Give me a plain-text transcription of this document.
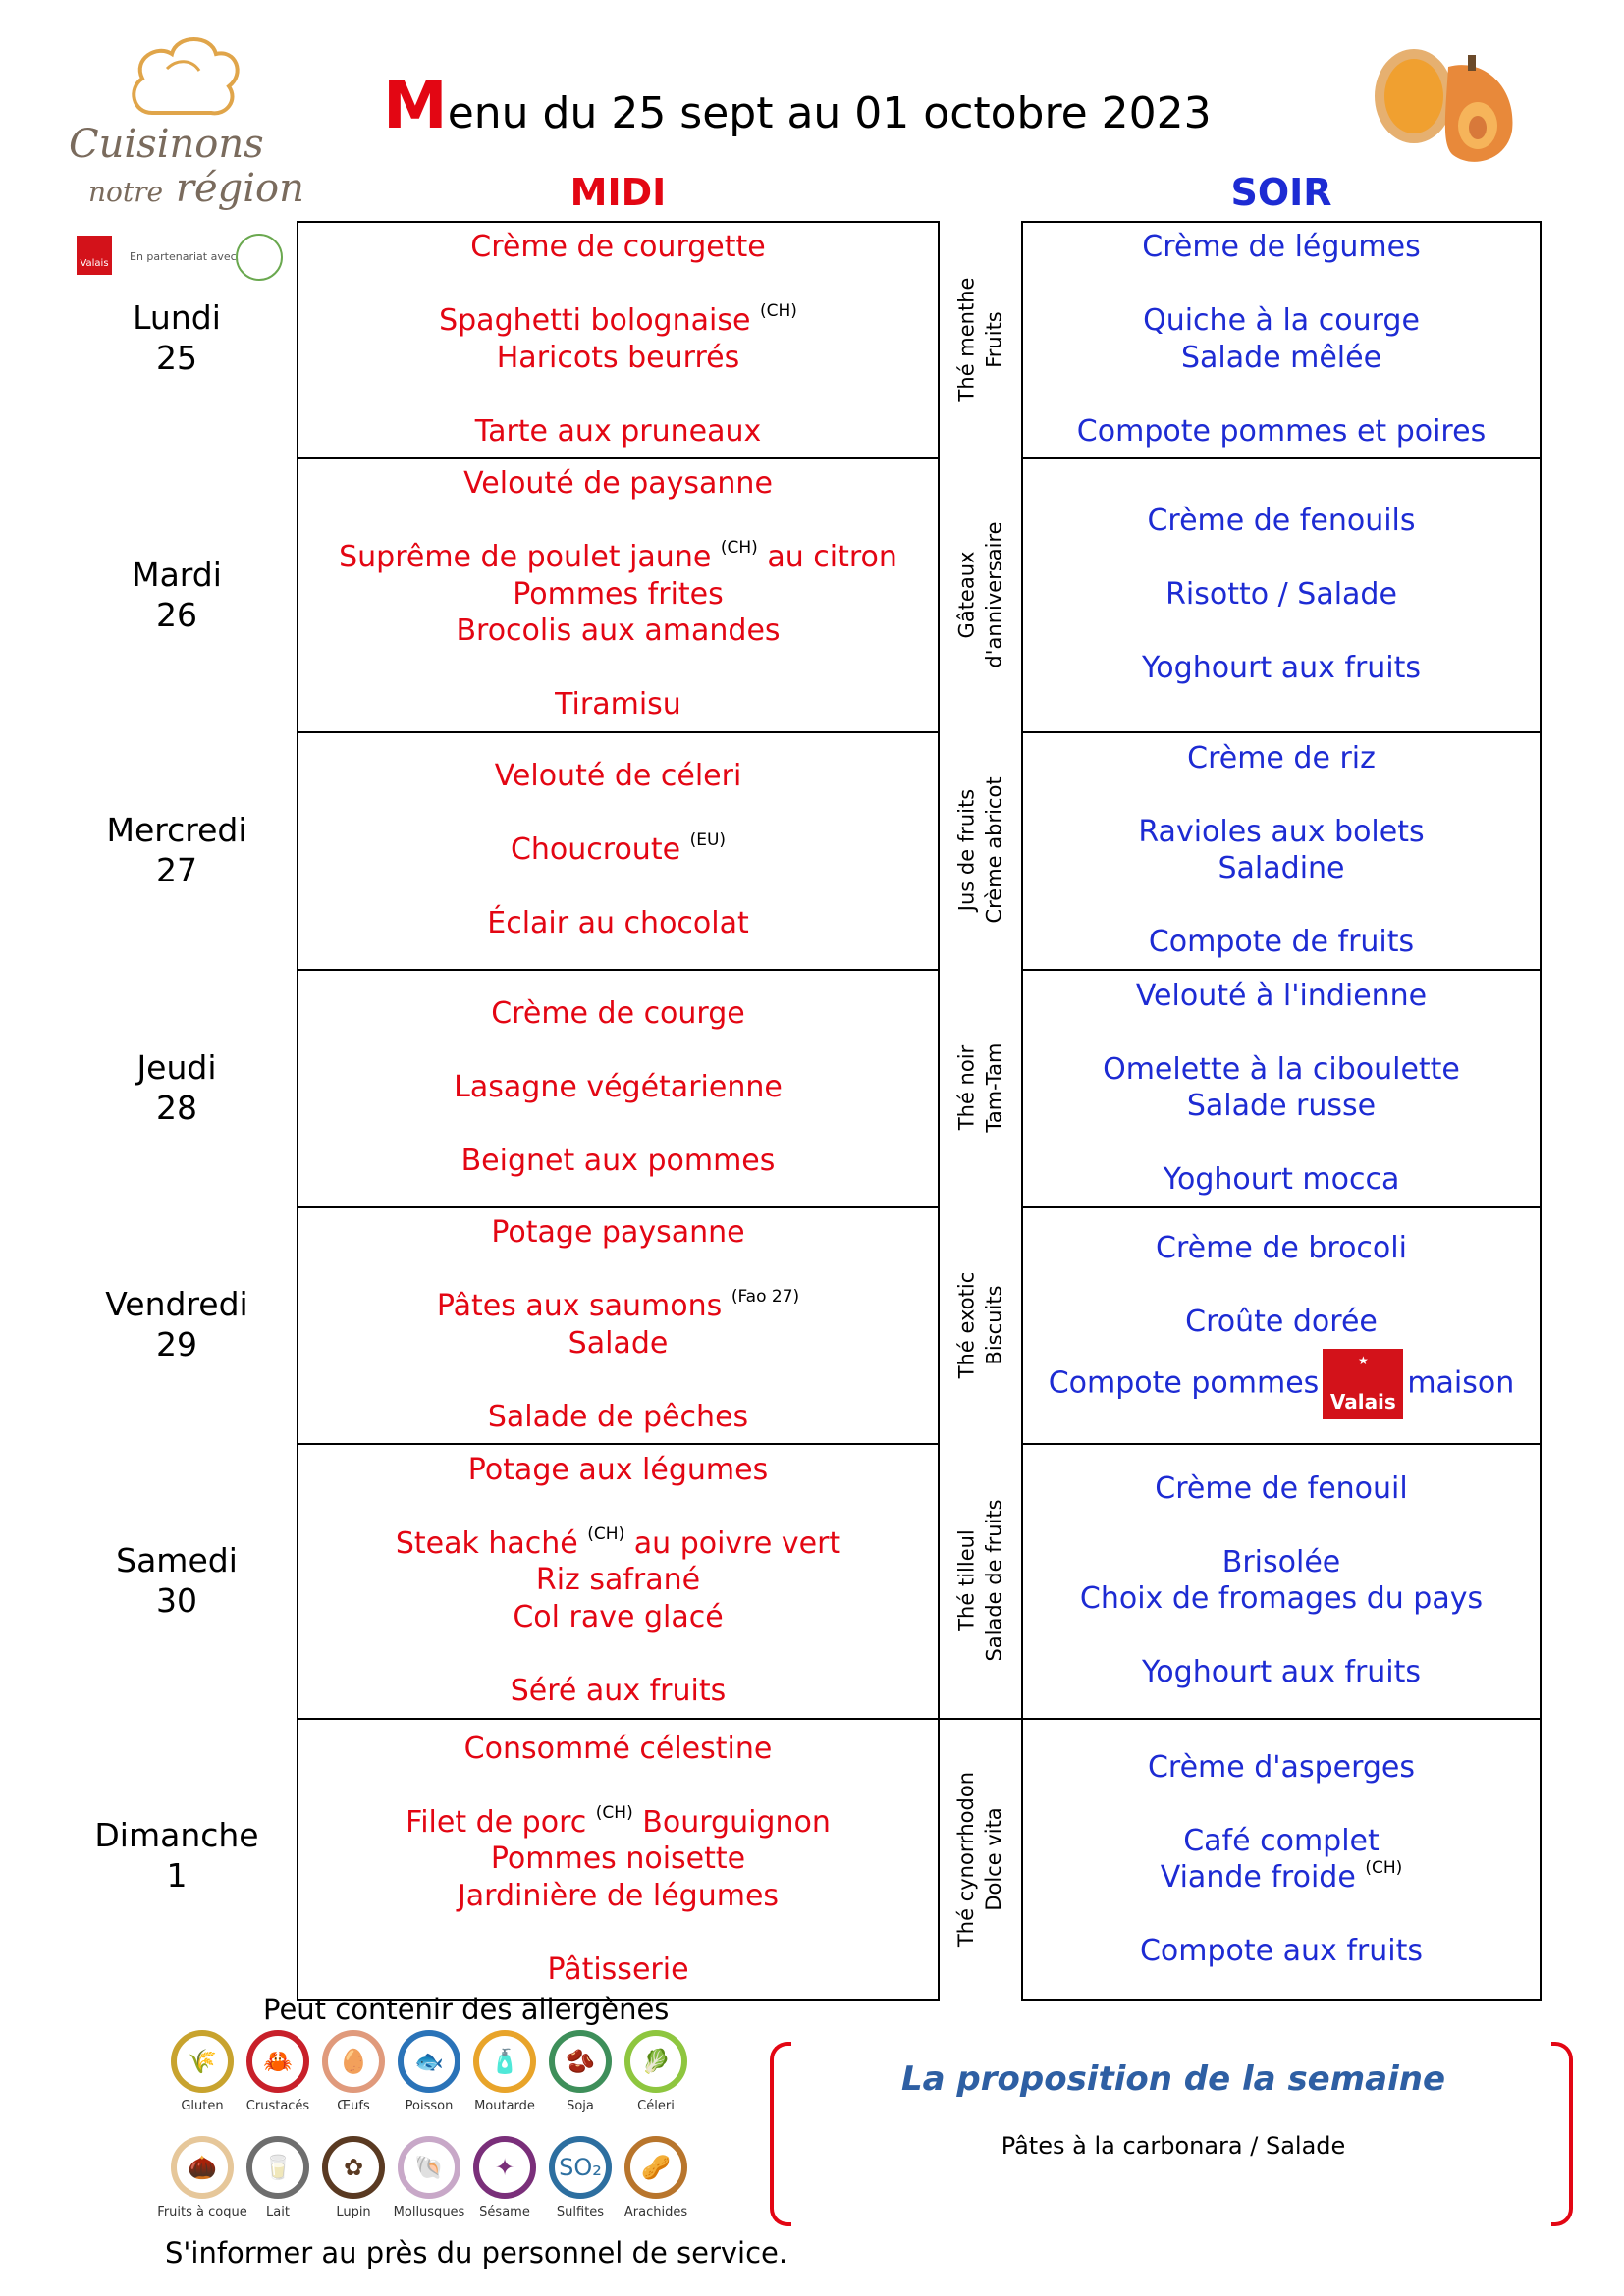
Cuisinons
notre région
Valais
En partenariat avec
Menu du 25 sept au 01 octobre 2023
MIDI	SOIR
Lundi
25
Crème de courgette
Spaghetti bolognaise $^{(CH)}$
Haricots beurrés
Tarte aux pruneaux
Thé menthe Fruits
Crème de légumes
Quiche à la courge
Salade mêlée
Compote pommes et poires
Mardi
26
Velouté de paysanne
Suprême de poulet jaune $^{(CH)}$ au citron
Pommes frites
Brocolis aux amandes
Tiramisu
Gâteaux d'anniversaire
Crème de fenouils
Risotto / Salade
Yoghourt aux fruits
Mercredi
27
Velouté de céleri
Choucroute $^{(EU)}$
Éclair au chocolat
Jus de fruits Crème abricot
Crème de riz
Ravioles aux bolets
Saladine
Compote de fruits
Jeudi
28
Crème de courge
Lasagne végétarienne
Beignet aux pommes
Thé noir Tam-Tam
Velouté à l'indienne
Omelette à la ciboulette
Salade russe
Yoghourt mocca
Vendredi
29
Potage paysanne
Pâtes aux saumons $^{(Fao 27)}$
Salade
Salade de pêches
Thé exotic Biscuits
Crème de brocoli
Croûte dorée
Compote pommes
★
Valais
maison
Samedi
30
Potage aux légumes
Steak haché $^{(CH)}$ au poivre vert
Riz safrané
Col rave glacé
Séré aux fruits
Thé tilleul Salade de fruits
Crème de fenouil
Brisolée
Choix de fromages du pays
Yoghourt aux fruits
Dimanche
1
Consommé célestine
Filet de porc $^{(CH)}$ Bourguignon
Pommes noisette
Jardinière de légumes
Pâtisserie
Thé cynorrhodon Dolce vita
Crème d'asperges
Café complet
Viande froide $^{(CH)}$
Compote aux fruits
Peut contenir des allergènes
🌾
Gluten
🦀
Crustacés
🥚
Œufs
🐟
Poisson
🧴
Moutarde
🫘
Soja
🥬
Céleri
🌰
Fruits à coque
🥛
Lait
✿
Lupin
🐚
Mollusques
✦
Sésame
SO₂
Sulfites
🥜
Arachides
S'informer au près du personnel de service.
La proposition de la semaine
Pâtes à la carbonara / Salade
